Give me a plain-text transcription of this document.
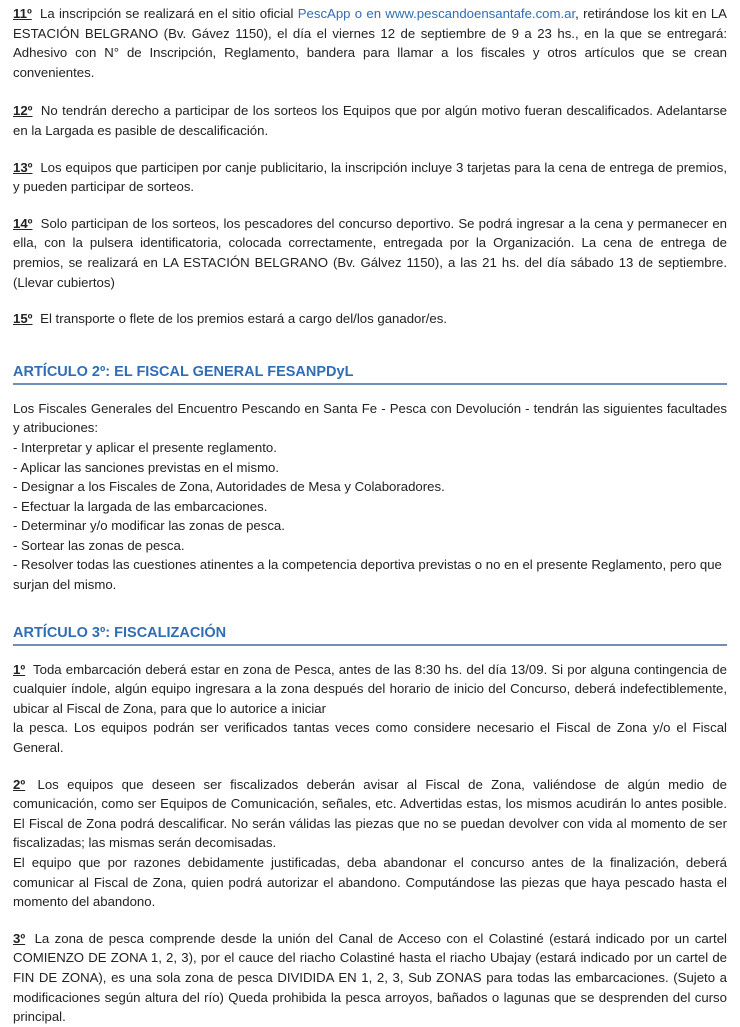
11º La inscripción se realizará en el sitio oficial PescApp o en www.pescandoensantafe.com.ar, retirándose los kit en LA ESTACIÓN BELGRANO (Bv. Gávez 1150), el día el viernes 12 de septiembre de 9 a 23 hs., en la que se entregará: Adhesivo con N° de Inscripción, Reglamento, bandera para llamar a los fiscales y otros artículos que se crean convenientes.

12º No tendrán derecho a participar de los sorteos los Equipos que por algún motivo fueran descalificados. Adelantarse en la Largada es pasible de descalificación.

13º Los equipos que participen por canje publicitario, la inscripción incluye 3 tarjetas para la cena de entrega de premios, y pueden participar de sorteos.

14º Solo participan de los sorteos, los pescadores del concurso deportivo. Se podrá ingresar a la cena y permanecer en ella, con la pulsera identificatoria, colocada correctamente, entregada por la Organización. La cena de entrega de premios, se realizará en LA ESTACIÓN BELGRANO (Bv. Gálvez 1150), a las 21 hs. del día sábado 13 de septiembre. (Llevar cubiertos)

15º El transporte o flete de los premios estará a cargo del/los ganador/es.

ARTÍCULO 2º: EL FISCAL GENERAL FESANPDyL

Los Fiscales Generales del Encuentro Pescando en Santa Fe - Pesca con Devolución - tendrán las siguientes facultades y atribuciones:

- Interpretar y aplicar el presente reglamento.
- Aplicar las sanciones previstas en el mismo.
- Designar a los Fiscales de Zona, Autoridades de Mesa y Colaboradores.
- Efectuar la largada de las embarcaciones.
- Determinar y/o modificar las zonas de pesca.
- Sortear las zonas de pesca.
- Resolver todas las cuestiones atinentes a la competencia deportiva previstas o no en el presente Reglamento, pero que surjan del mismo.
ARTÍCULO 3º: FISCALIZACIÓN

1º Toda embarcación deberá estar en zona de Pesca, antes de las 8:30 hs. del día 13/09. Si por alguna contingencia de cualquier índole, algún equipo ingresara a la zona después del horario de inicio del Concurso, deberá indefectiblemente, ubicar al Fiscal de Zona, para que lo autorice a iniciar

la pesca. Los equipos podrán ser verificados tantas veces como considere necesario el Fiscal de Zona y/o el Fiscal General.

2º Los equipos que deseen ser fiscalizados deberán avisar al Fiscal de Zona, valiéndose de algún medio de comunicación, como ser Equipos de Comunicación, señales, etc. Advertidas estas, los mismos acudirán lo antes posible. El Fiscal de Zona podrá descalificar. No serán válidas las piezas que no se puedan devolver con vida al momento de ser fiscalizadas; las mismas serán decomisadas.

El equipo que por razones debidamente justificadas, deba abandonar el concurso antes de la finalización, deberá comunicar al Fiscal de Zona, quien podrá autorizar el abandono. Computándose las piezas que haya pescado hasta el momento del abandono.

3º La zona de pesca comprende desde la unión del Canal de Acceso con el Colastiné (estará indicado por un cartel COMIENZO DE ZONA 1, 2, 3), por el cauce del riacho Colastiné hasta el riacho Ubajay (estará indicado por un cartel de FIN DE ZONA), es una sola zona de pesca DIVIDIDA EN 1, 2, 3, Sub ZONAS para todas las embarcaciones. (Sujeto a modificaciones según altura del río) Queda prohibida la pesca arroyos, bañados o lagunas que se desprenden del curso principal.
